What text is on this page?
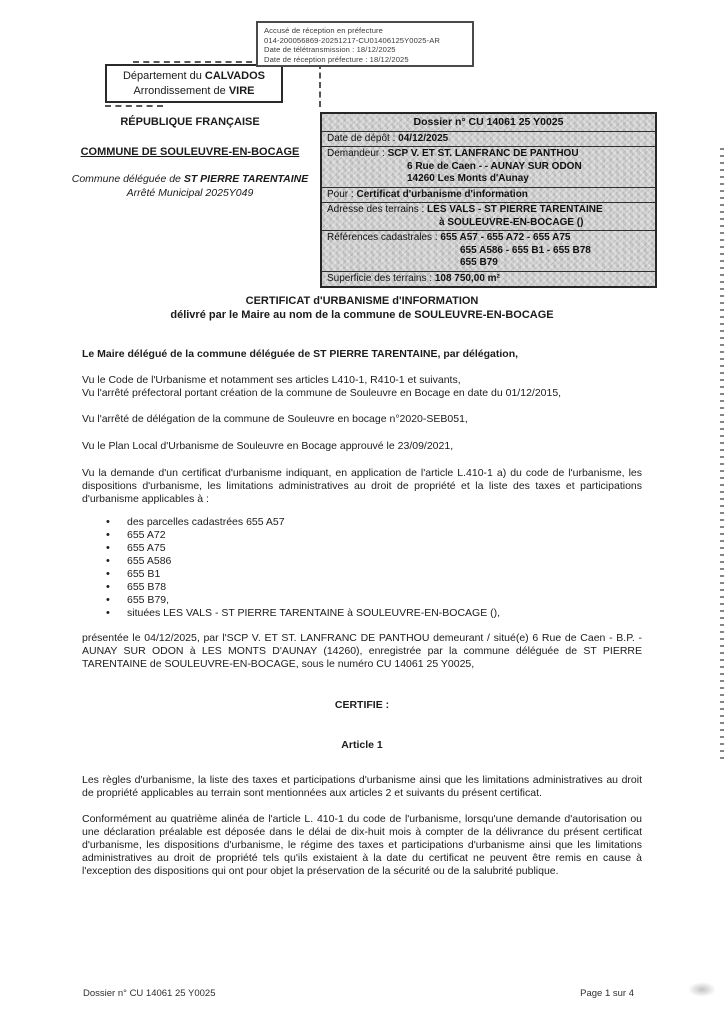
Accusé de réception en préfecture
014-200056869-20251217-CU01406125Y0025-AR
Date de télétransmission : 18/12/2025
Date de réception préfecture : 18/12/2025
Département du CALVADOS
Arrondissement de VIRE
RÉPUBLIQUE FRANÇAISE
COMMUNE DE SOULEUVRE-EN-BOCAGE
Commune déléguée de ST PIERRE TARENTAINE
Arrêté Municipal 2025Y049
Dossier n° CU 14061 25 Y0025
Date de dépôt : 04/12/2025
Demandeur : SCP V. ET ST. LANFRANC DE PANTHOU
6 Rue de Caen - - AUNAY SUR ODON
14260 Les Monts d'Aunay
Pour : Certificat d'urbanisme d'information
Adresse des terrains : LES VALS - ST PIERRE TARENTAINE
à SOULEUVRE-EN-BOCAGE ()
Références cadastrales : 655 A57 - 655 A72 - 655 A75
655 A586 - 655 B1 - 655 B78
655 B79
Superficie des terrains : 108 750,00 m²
CERTIFICAT d'URBANISME d'INFORMATION
délivré par le Maire au nom de la commune de SOULEUVRE-EN-BOCAGE

Le Maire délégué de la commune déléguée de ST PIERRE TARENTAINE, par délégation,

Vu le Code de l'Urbanisme et notamment ses articles L410-1, R410-1 et suivants,
Vu l'arrêté préfectoral portant création de la commune de Souleuvre en Bocage en date du 01/12/2015,

Vu l'arrêté de délégation de la commune de Souleuvre en bocage n°2020-SEB051,

Vu le Plan Local d'Urbanisme de Souleuvre en Bocage approuvé le 23/09/2021,

Vu la demande d'un certificat d'urbanisme indiquant, en application de l'article L.410-1 a) du code de l'urbanisme, les dispositions d'urbanisme, les limitations administratives au droit de propriété et la liste des taxes et participations d'urbanisme applicables à :

• des parcelles cadastrées 655 A57
• 655 A72
• 655 A75
• 655 A586
• 655 B1
• 655 B78
• 655 B79,
• situées LES VALS - ST PIERRE TARENTAINE à SOULEUVRE-EN-BOCAGE (),

présentée le 04/12/2025, par l'SCP V. ET ST. LANFRANC DE PANTHOU demeurant / situé(e) 6 Rue de Caen - B.P. - AUNAY SUR ODON à LES MONTS D'AUNAY (14260), enregistrée par la commune déléguée de ST PIERRE TARENTAINE de SOULEUVRE-EN-BOCAGE, sous le numéro CU 14061 25 Y0025,

CERTIFIE :

Article 1

Les règles d'urbanisme, la liste des taxes et participations d'urbanisme ainsi que les limitations administratives au droit de propriété applicables au terrain sont mentionnées aux articles 2 et suivants du présent certificat.

Conformément au quatrième alinéa de l'article L. 410-1 du code de l'urbanisme, lorsqu'une demande d'autorisation ou une déclaration préalable est déposée dans le délai de dix-huit mois à compter de la délivrance du présent certificat d'urbanisme, les dispositions d'urbanisme, le régime des taxes et participations d'urbanisme ainsi que les limitations administratives au droit de propriété tels qu'ils existaient à la date du certificat ne peuvent être remis en cause à l'exception des dispositions qui ont pour objet la préservation de la sécurité ou de la salubrité publique.

Dossier n° CU 14061 25 Y0025	Page 1 sur 4
